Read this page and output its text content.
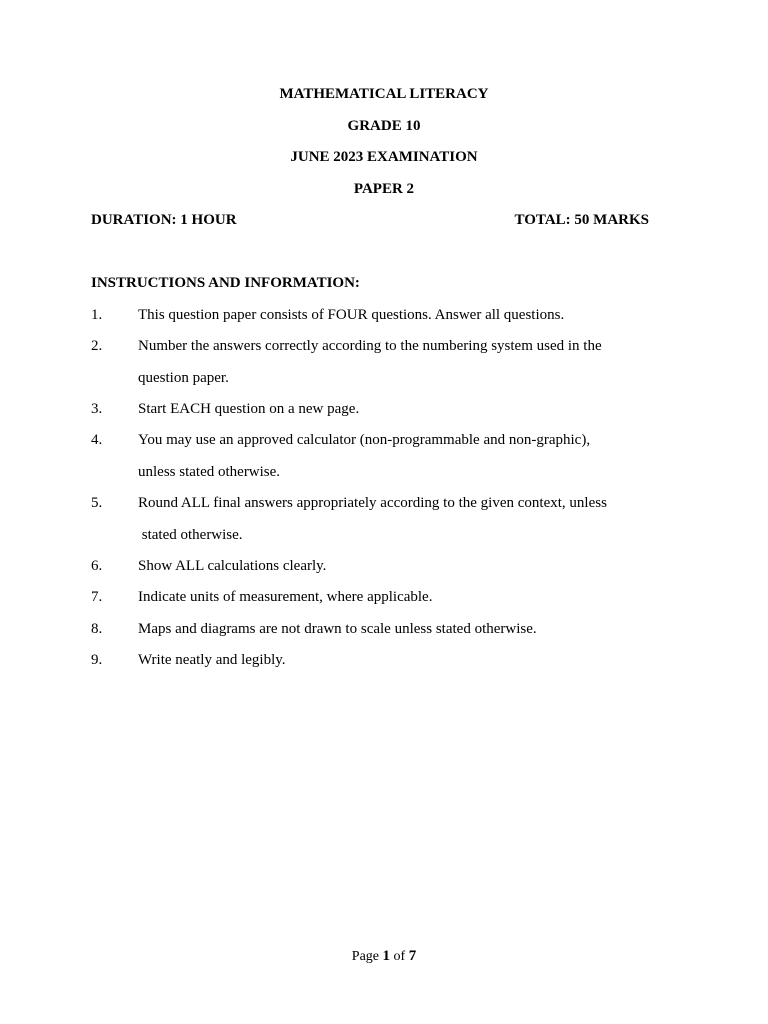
MATHEMATICAL LITERACY
GRADE 10
JUNE 2023 EXAMINATION
PAPER 2
DURATION: 1 HOUR	TOTAL: 50 MARKS
INSTRUCTIONS AND INFORMATION:
1. This question paper consists of FOUR questions. Answer all questions.
2. Number the answers correctly according to the numbering system used in the
question paper.
3. Start EACH question on a new page.
4. You may use an approved calculator (non-programmable and non-graphic),
unless stated otherwise.
5. Round ALL final answers appropriately according to the given context, unless
stated otherwise.
6. Show ALL calculations clearly.
7. Indicate units of measurement, where applicable.
8. Maps and diagrams are not drawn to scale unless stated otherwise.
9. Write neatly and legibly.
Page 1 of 7
